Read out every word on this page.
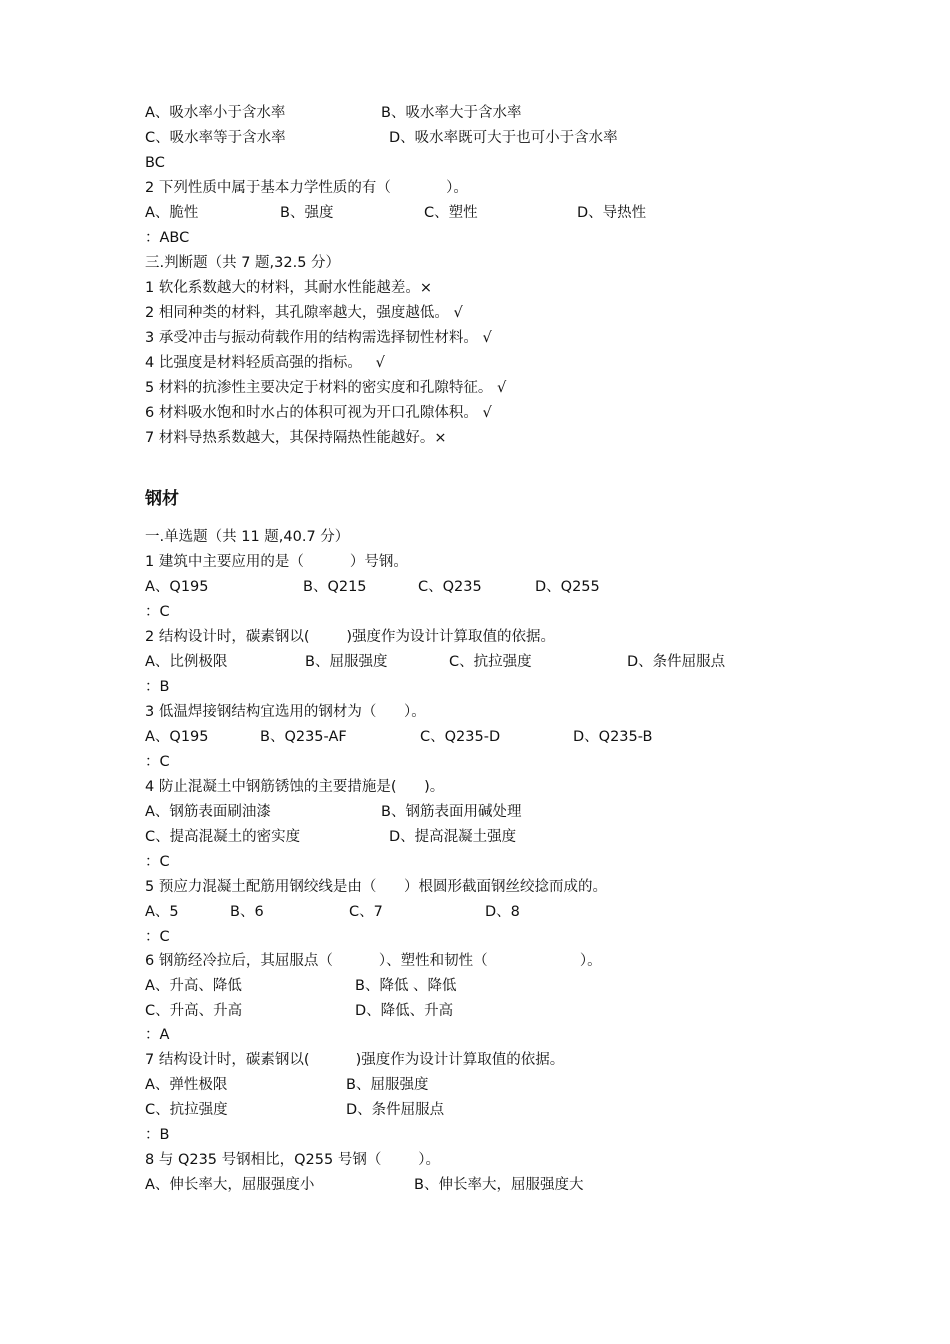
A、吸水率小于含水率

	B、吸水率大于含水率

C、吸水率等于含水率

	D、吸水率既可大于也可小于含水率

BC
2 下列性质中属于基本力学性质的有（            ）。

A、脆性

	B、强度

	C、塑性

	D、导热性

：ABC
三.判断题（共 7 题,32.5 分）
1 软化系数越大的材料，其耐水性能越差。×
2 相同种类的材料，其孔隙率越大，强度越低。 √
3 承受冲击与振动荷载作用的结构需选择韧性材料。 √
4 比强度是材料轻质高强的指标。   √
5 材料的抗渗性主要决定于材料的密实度和孔隙特征。 √
6 材料吸水饱和时水占的体积可视为开口孔隙体积。 √
7 材料导热系数越大，其保持隔热性能越好。×
钢材
一.单选题（共 11 题,40.7 分）
1 建筑中主要应用的是（          ）号钢。

A、Q195

	B、Q215

	C、Q235

	D、Q255

：C
2 结构设计时，碳素钢以(        )强度作为设计计算取值的依据。

A、比例极限

	B、屈服强度

	C、抗拉强度

	D、条件屈服点

：B
3 低温焊接钢结构宜选用的钢材为（      ）。

A、Q195

	B、Q235-AF

	C、Q235-D

	D、Q235-B

：C
4 防止混凝土中钢筋锈蚀的主要措施是(      )。

A、钢筋表面刷油漆

	B、钢筋表面用碱处理

C、提高混凝土的密实度

	D、提高混凝土强度

：C
5 预应力混凝土配筋用钢绞线是由（      ）根圆形截面钢丝绞捻而成的。

A、5

	B、6

	C、7

	D、8

：C
6 钢筋经冷拉后，其屈服点（          ）、塑性和韧性（                    ）。

A、升高、降低

	B、降低 、降低

C、升高、升高

	D、降低、升高

：A
7 结构设计时，碳素钢以(          )强度作为设计计算取值的依据。

A、弹性极限

	B、屈服强度

C、抗拉强度

	D、条件屈服点

：B
8 与 Q235 号钢相比，Q255 号钢（        ）。

A、伸长率大，屈服强度小

	B、伸长率大，屈服强度大
